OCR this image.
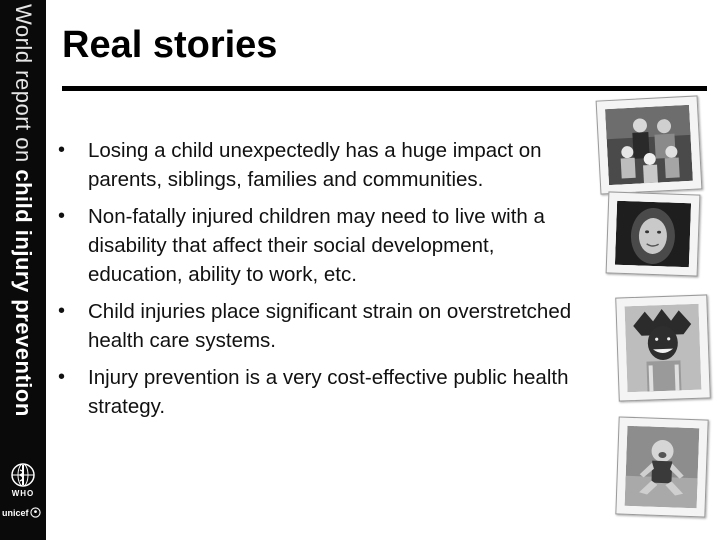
World report on child injury prevention
WHO
unicef
Real stories
• Losing a child unexpectedly has a huge impact on parents, siblings, families and communities.
• Non-fatally injured children may need to live with a disability that affect their social development, education, ability to work, etc.
• Child injuries place significant strain on overstretched health care systems.
• Injury prevention is a very cost-effective public health strategy.
